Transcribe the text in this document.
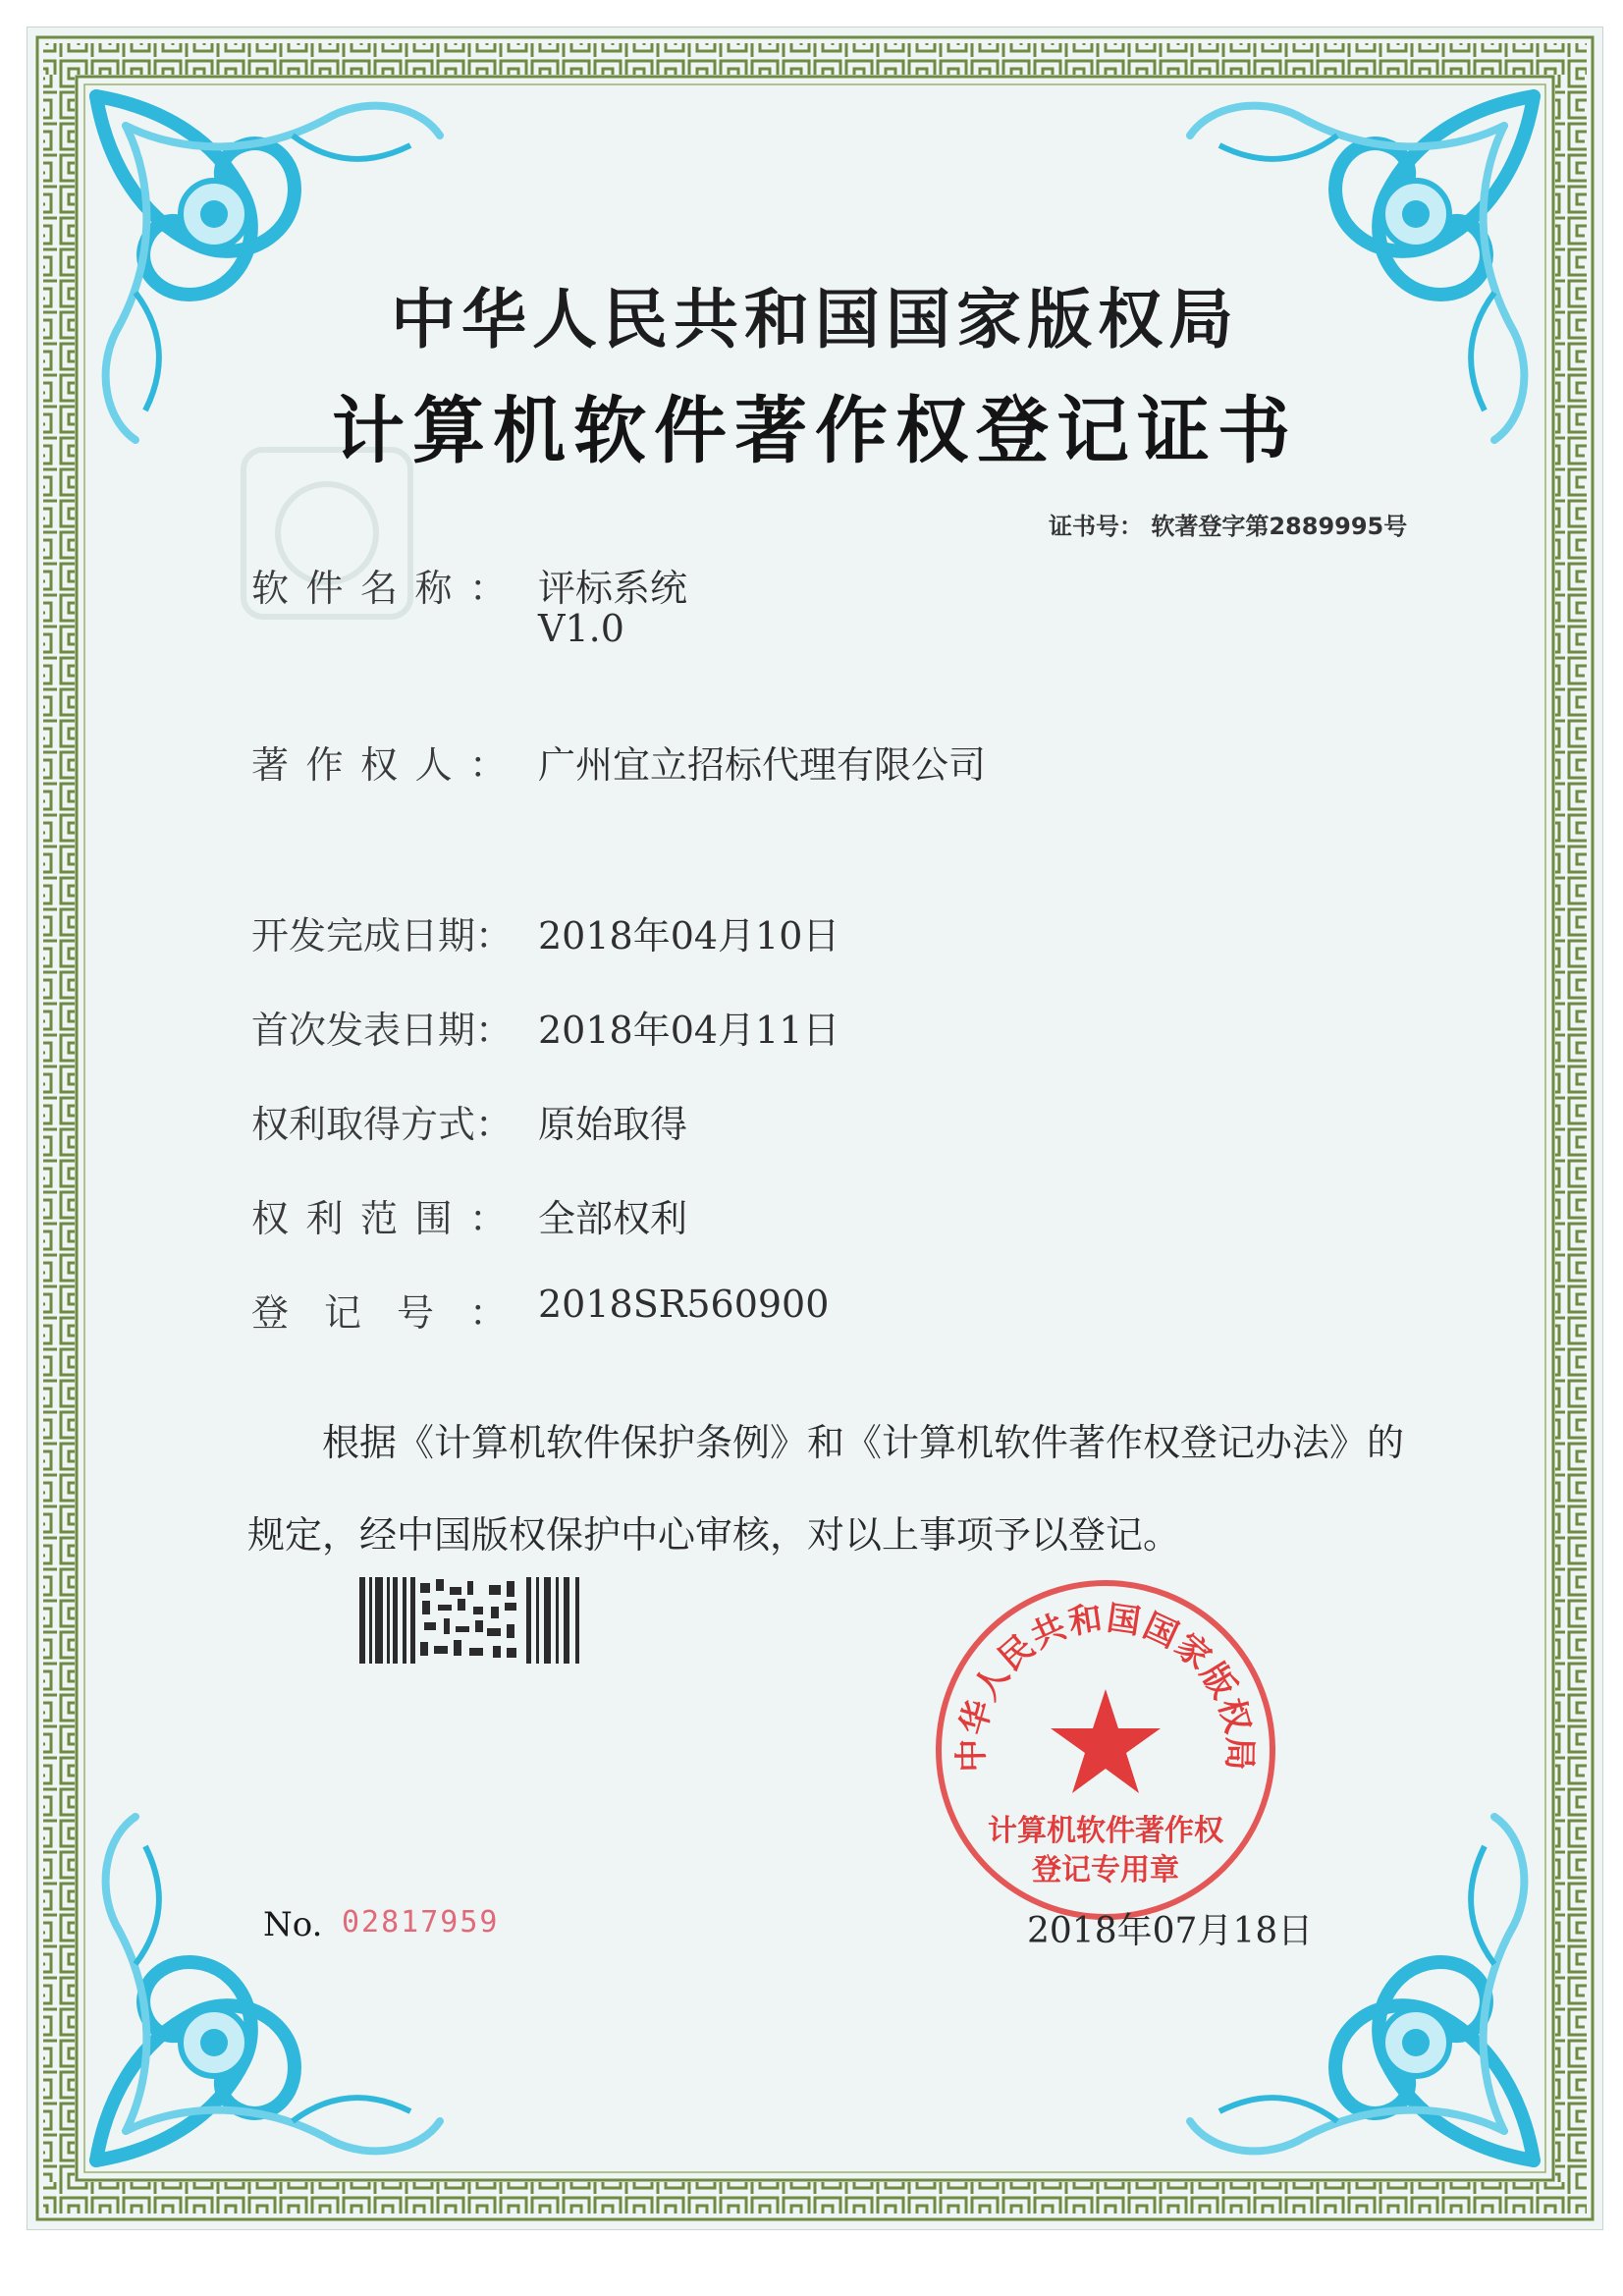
中华人民共和国国家版权局
计算机软件著作权登记证书
证书号： 软著登字第2889995号
软件名称： 评标系统
V1.0
著作权人： 广州宜立招标代理有限公司
开发完成日期： 2018年04月10日
首次发表日期： 2018年04月11日
权利取得方式： 原始取得
权利范围： 全部权利
登记号： 2018SR560900
根据《计算机软件保护条例》和《计算机软件著作权登记办法》的
规定，经中国版权保护中心审核，对以上事项予以登记。
中华人民共和国国家版权局
计算机软件著作权
登记专用章
No. 02817959	2018年07月18日
